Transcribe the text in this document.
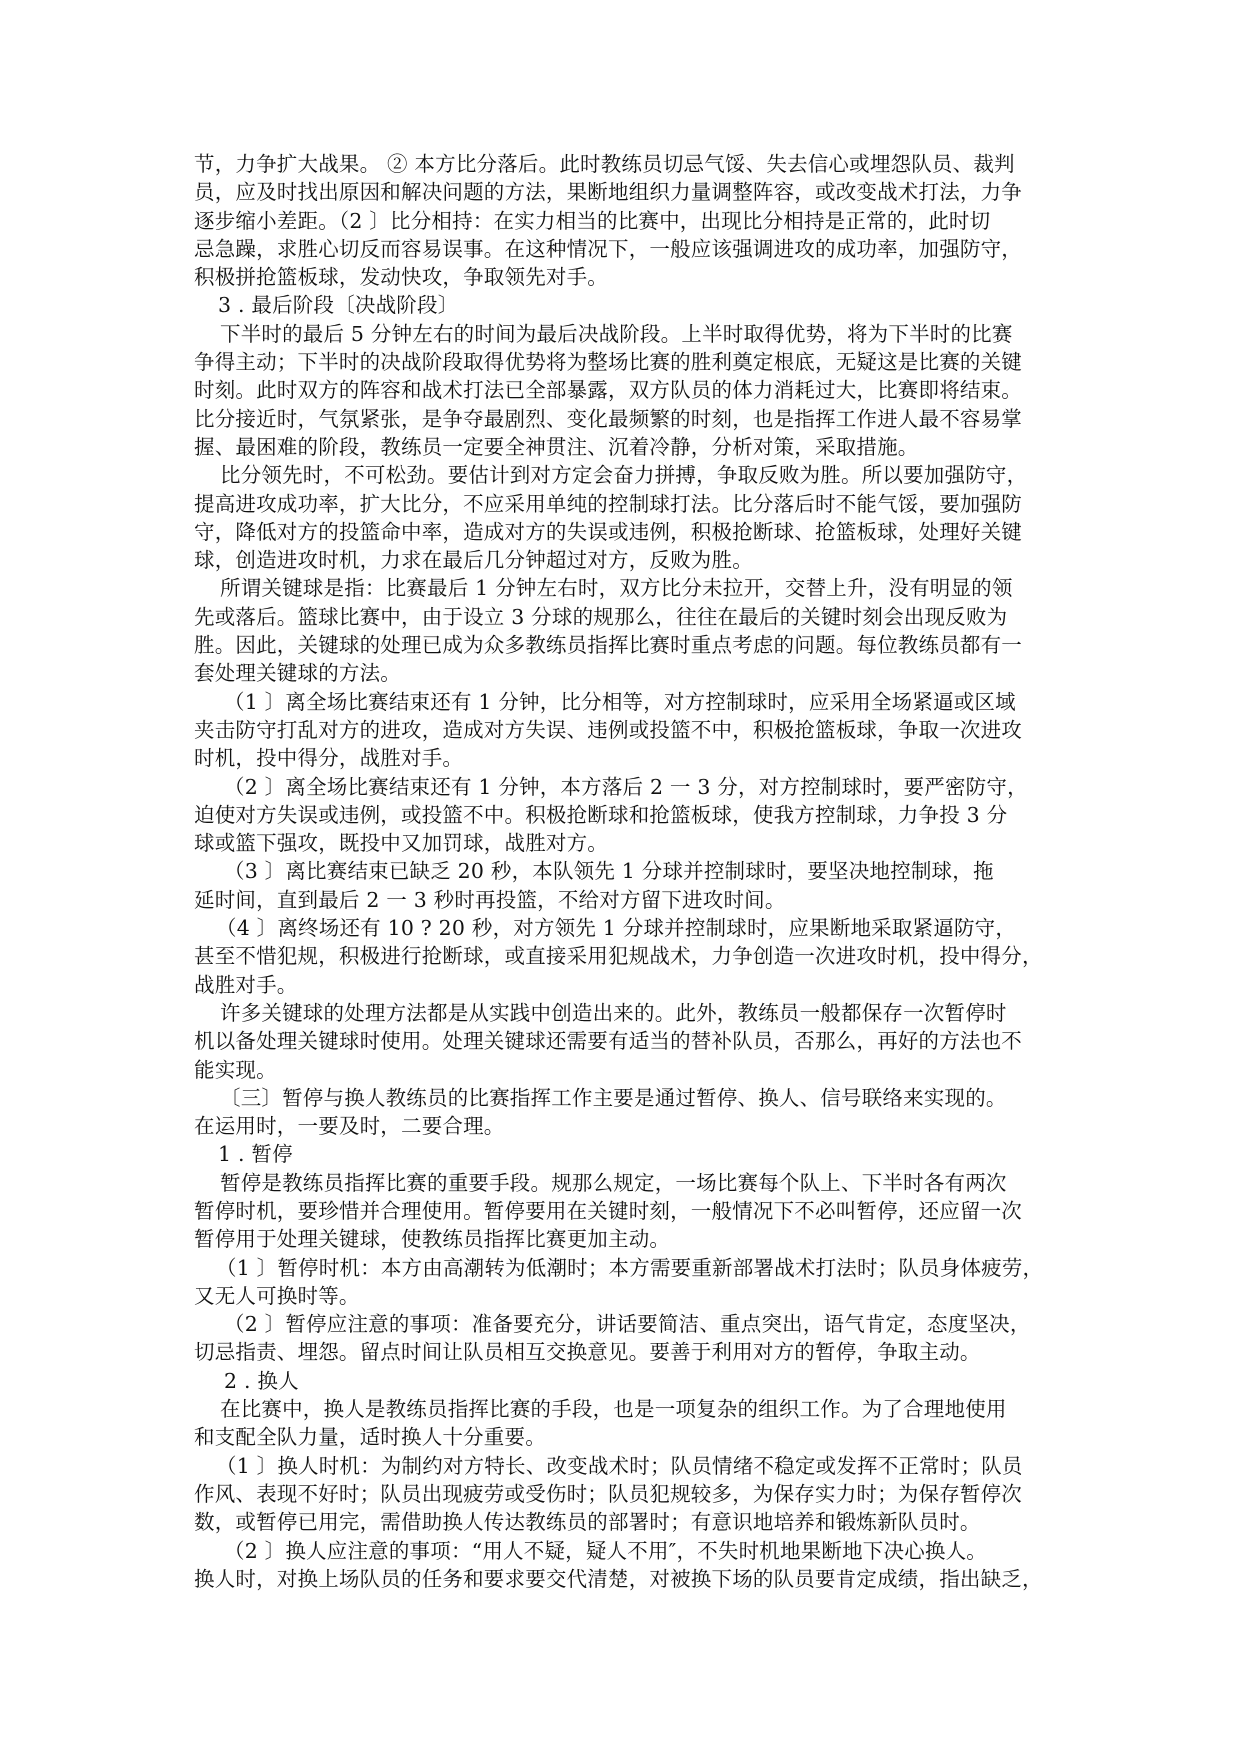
节，力争扩大战果。 ② 本方比分落后。此时教练员切忌气馁、失去信心或埋怨队员、裁判
员，应及时找出原因和解决问题的方法，果断地组织力量调整阵容，或改变战术打法，力争
逐步缩小差距。（2 〕比分相持：在实力相当的比赛中，出现比分相持是正常的，此时切
忌急躁，求胜心切反而容易误事。在这种情况下，一般应该强调进攻的成功率，加强防守，
积极拼抢篮板球，发动快攻，争取领先对手。
3 . 最后阶段〔决战阶段〕
下半时的最后 5 分钟左右的时间为最后决战阶段。上半时取得优势，将为下半时的比赛
争得主动；下半时的决战阶段取得优势将为整场比赛的胜利奠定根底，无疑这是比赛的关键
时刻。此时双方的阵容和战术打法已全部暴露，双方队员的体力消耗过大，比赛即将结束。
比分接近时，气氛紧张，是争夺最剧烈、变化最频繁的时刻，也是指挥工作进人最不容易掌
握、最困难的阶段，教练员一定要全神贯注、沉着冷静，分析对策，采取措施。
比分领先时，不可松劲。要估计到对方定会奋力拼搏，争取反败为胜。所以要加强防守，
提高进攻成功率，扩大比分，不应采用单纯的控制球打法。比分落后时不能气馁，要加强防
守，降低对方的投篮命中率，造成对方的失误或违例，积极抢断球、抢篮板球，处理好关键
球，创造进攻时机，力求在最后几分钟超过对方，反败为胜。
所谓关键球是指：比赛最后 1 分钟左右时，双方比分未拉开，交替上升，没有明显的领
先或落后。篮球比赛中，由于设立 3 分球的规那么，往往在最后的关键时刻会出现反败为
胜。因此，关键球的处理已成为众多教练员指挥比赛时重点考虑的问题。每位教练员都有一
套处理关键球的方法。
（1 〕离全场比赛结束还有 1 分钟，比分相等，对方控制球时，应采用全场紧逼或区域
夹击防守打乱对方的进攻，造成对方失误、违例或投篮不中，积极抢篮板球，争取一次进攻
时机，投中得分，战胜对手。
（2 〕离全场比赛结束还有 1 分钟，本方落后 2 一 3 分，对方控制球时，要严密防守，
迫使对方失误或违例，或投篮不中。积极抢断球和抢篮板球，使我方控制球，力争投 3 分
球或篮下强攻，既投中又加罚球，战胜对方。
（3 〕离比赛结束已缺乏 20 秒，本队领先 1 分球并控制球时，要坚决地控制球，拖
延时间，直到最后 2 一 3 秒时再投篮，不给对方留下进攻时间。
（4 〕离终场还有 10 ? 20 秒，对方领先 1 分球并控制球时，应果断地采取紧逼防守，
甚至不惜犯规，积极进行抢断球，或直接采用犯规战术，力争创造一次进攻时机，投中得分，
战胜对手。
许多关键球的处理方法都是从实践中创造出来的。此外，教练员一般都保存一次暂停时
机以备处理关键球时使用。处理关键球还需要有适当的替补队员，否那么，再好的方法也不
能实现。
〔三〕暂停与换人教练员的比赛指挥工作主要是通过暂停、换人、信号联络来实现的。
在运用时，一要及时，二要合理。
1 . 暂停
暂停是教练员指挥比赛的重要手段。规那么规定，一场比赛每个队上、下半时各有两次
暂停时机，要珍惜并合理使用。暂停要用在关键时刻，一般情况下不必叫暂停，还应留一次
暂停用于处理关键球，使教练员指挥比赛更加主动。
（1 〕暂停时机：本方由高潮转为低潮时；本方需要重新部署战术打法时；队员身体疲劳，
又无人可换时等。
（2 〕暂停应注意的事项：准备要充分，讲话要简洁、重点突出，语气肯定，态度坚决，
切忌指责、埋怨。留点时间让队员相互交换意见。要善于利用对方的暂停，争取主动。
2 . 换人
在比赛中，换人是教练员指挥比赛的手段，也是一项复杂的组织工作。为了合理地使用
和支配全队力量，适时换人十分重要。
（1 〕换人时机：为制约对方特长、改变战术时；队员情绪不稳定或发挥不正常时；队员
作风、表现不好时；队员出现疲劳或受伤时；队员犯规较多，为保存实力时；为保存暂停次
数，或暂停已用完，需借助换人传达教练员的部署时；有意识地培养和锻炼新队员时。
（2 〕换人应注意的事项：“用人不疑，疑人不用″，不失时机地果断地下决心换人。
换人时，对换上场队员的任务和要求要交代清楚，对被换下场的队员要肯定成绩，指出缺乏，
